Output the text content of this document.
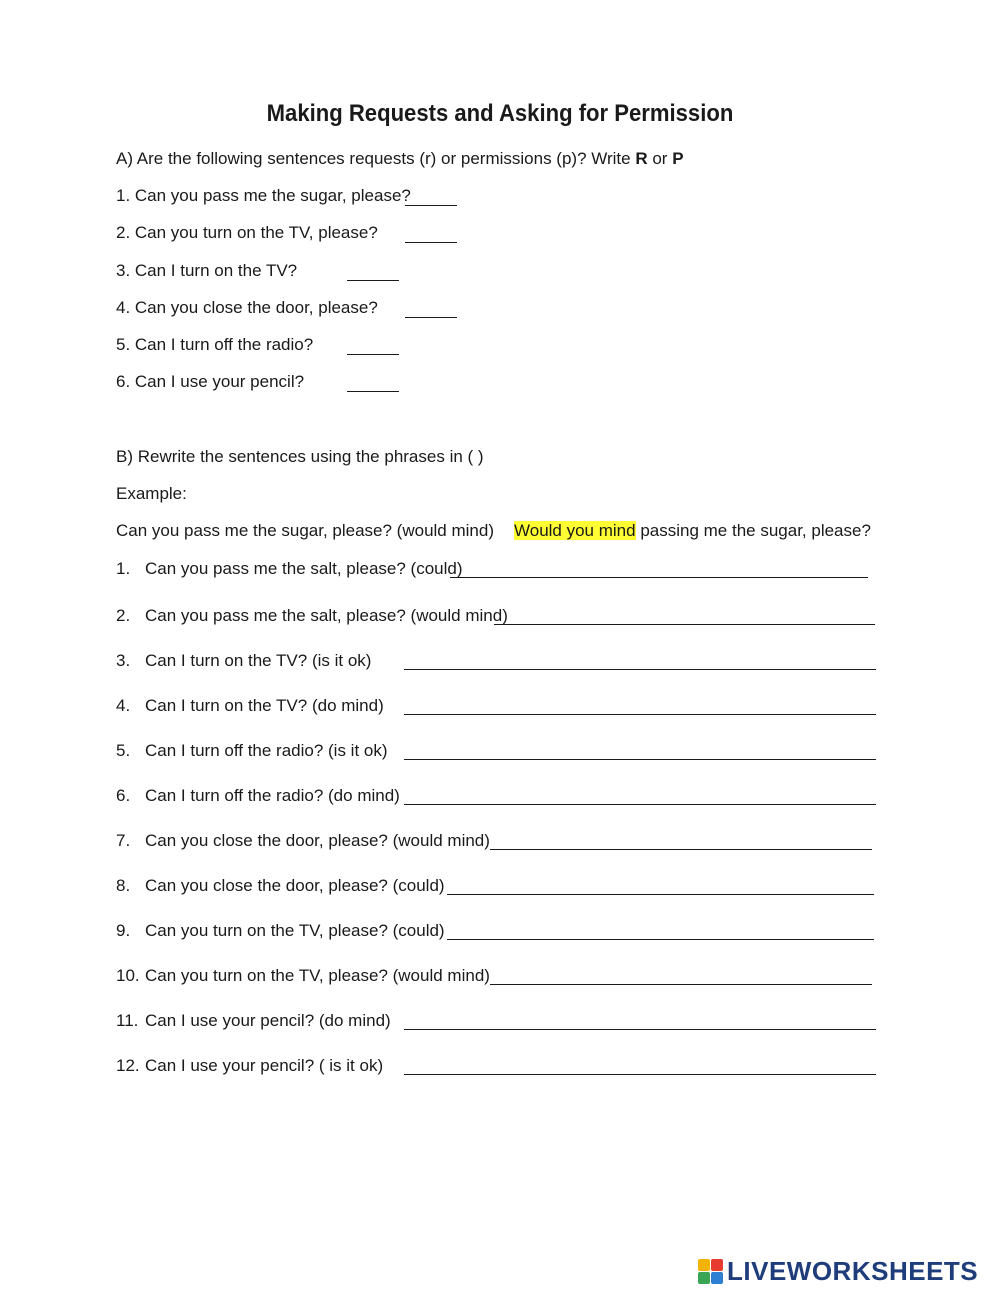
Making Requests and Asking for Permission
A) Are the following sentences requests (r) or permissions (p)? Write R or P
1. Can you pass me the sugar, please?
2. Can you turn on the TV, please?
3. Can I turn on the TV?
4. Can you close the door, please?
5. Can I turn off the radio?
6. Can I use your pencil?
B) Rewrite the sentences using the phrases in ( )
Example:
Can you pass me the sugar, please? (would mind) Would you mind passing me the sugar, please?
1. Can you pass me the salt, please? (could)
2. Can you pass me the salt, please? (would mind)
3. Can I turn on the TV? (is it ok)
4. Can I turn on the TV? (do mind)
5. Can I turn off the radio? (is it ok)
6. Can I turn off the radio? (do mind)
7. Can you close the door, please? (would mind)
8. Can you close the door, please? (could)
9. Can you turn on the TV, please? (could)
10. Can you turn on the TV, please? (would mind)
11. Can I use your pencil? (do mind)
12. Can I use your pencil? ( is it ok)
LIVEWORKSHEETS
